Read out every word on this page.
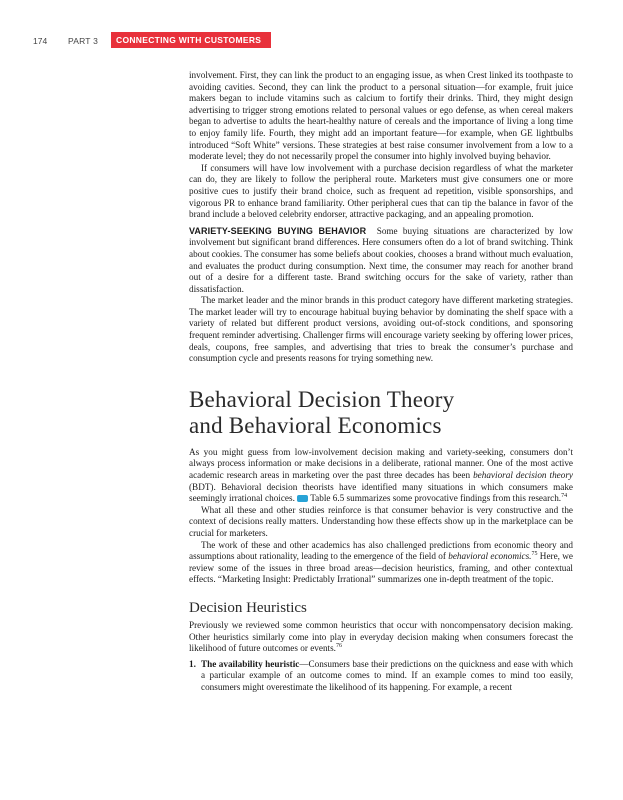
174 PART 3 CONNECTING WITH CUSTOMERS

involvement. First, they can link the product to an engaging issue, as when Crest linked its toothpaste to avoiding cavities. Second, they can link the product to a personal situation—for example, fruit juice makers began to include vitamins such as calcium to fortify their drinks. Third, they might design advertising to trigger strong emotions related to personal values or ego defense, as when cereal makers began to advertise to adults the heart-healthy nature of cereals and the importance of living a long time to enjoy family life. Fourth, they might add an important feature—for example, when GE lightbulbs introduced “Soft White” versions. These strategies at best raise consumer involvement from a low to a moderate level; they do not necessarily propel the consumer into highly involved buying behavior.

If consumers will have low involvement with a purchase decision regardless of what the marketer can do, they are likely to follow the peripheral route. Marketers must give consumers one or more positive cues to justify their brand choice, such as frequent ad repetition, visible sponsorships, and vigorous PR to enhance brand familiarity. Other peripheral cues that can tip the balance in favor of the brand include a beloved celebrity endorser, attractive packaging, and an appealing promotion.

VARIETY-SEEKING BUYING BEHAVIOR Some buying situations are characterized by low involvement but significant brand differences. Here consumers often do a lot of brand switching. Think about cookies. The consumer has some beliefs about cookies, chooses a brand without much evaluation, and evaluates the product during consumption. Next time, the consumer may reach for another brand out of a desire for a different taste. Brand switching occurs for the sake of variety, rather than dissatisfaction.

The market leader and the minor brands in this product category have different marketing strategies. The market leader will try to encourage habitual buying behavior by dominating the shelf space with a variety of related but different product versions, avoiding out-of-stock conditions, and sponsoring frequent reminder advertising. Challenger firms will encourage variety seeking by offering lower prices, deals, coupons, free samples, and advertising that tries to break the consumer’s purchase and consumption cycle and presents reasons for trying something new.

Behavioral Decision Theory
and Behavioral Economics

As you might guess from low-involvement decision making and variety-seeking, consumers don’t always process information or make decisions in a deliberate, rational manner. One of the most active academic research areas in marketing over the past three decades has been behavioral decision theory (BDT). Behavioral decision theorists have identified many situations in which consumers make seemingly irrational choices. Table 6.5 summarizes some provocative findings from this research.$^{74}$

What all these and other studies reinforce is that consumer behavior is very constructive and the context of decisions really matters. Understanding how these effects show up in the marketplace can be crucial for marketers.

The work of these and other academics has also challenged predictions from economic theory and assumptions about rationality, leading to the emergence of the field of behavioral economics.$^{75}$ Here, we review some of the issues in three broad areas—decision heuristics, framing, and other contextual effects. “Marketing Insight: Predictably Irrational” summarizes one in-depth treatment of the topic.

Decision Heuristics

Previously we reviewed some common heuristics that occur with noncompensatory decision making. Other heuristics similarly come into play in everyday decision making when consumers forecast the likelihood of future outcomes or events.$^{76}$

1. The availability heuristic—Consumers base their predictions on the quickness and ease with which a particular example of an outcome comes to mind. If an example comes to mind too easily, consumers might overestimate the likelihood of its happening. For example, a recent
